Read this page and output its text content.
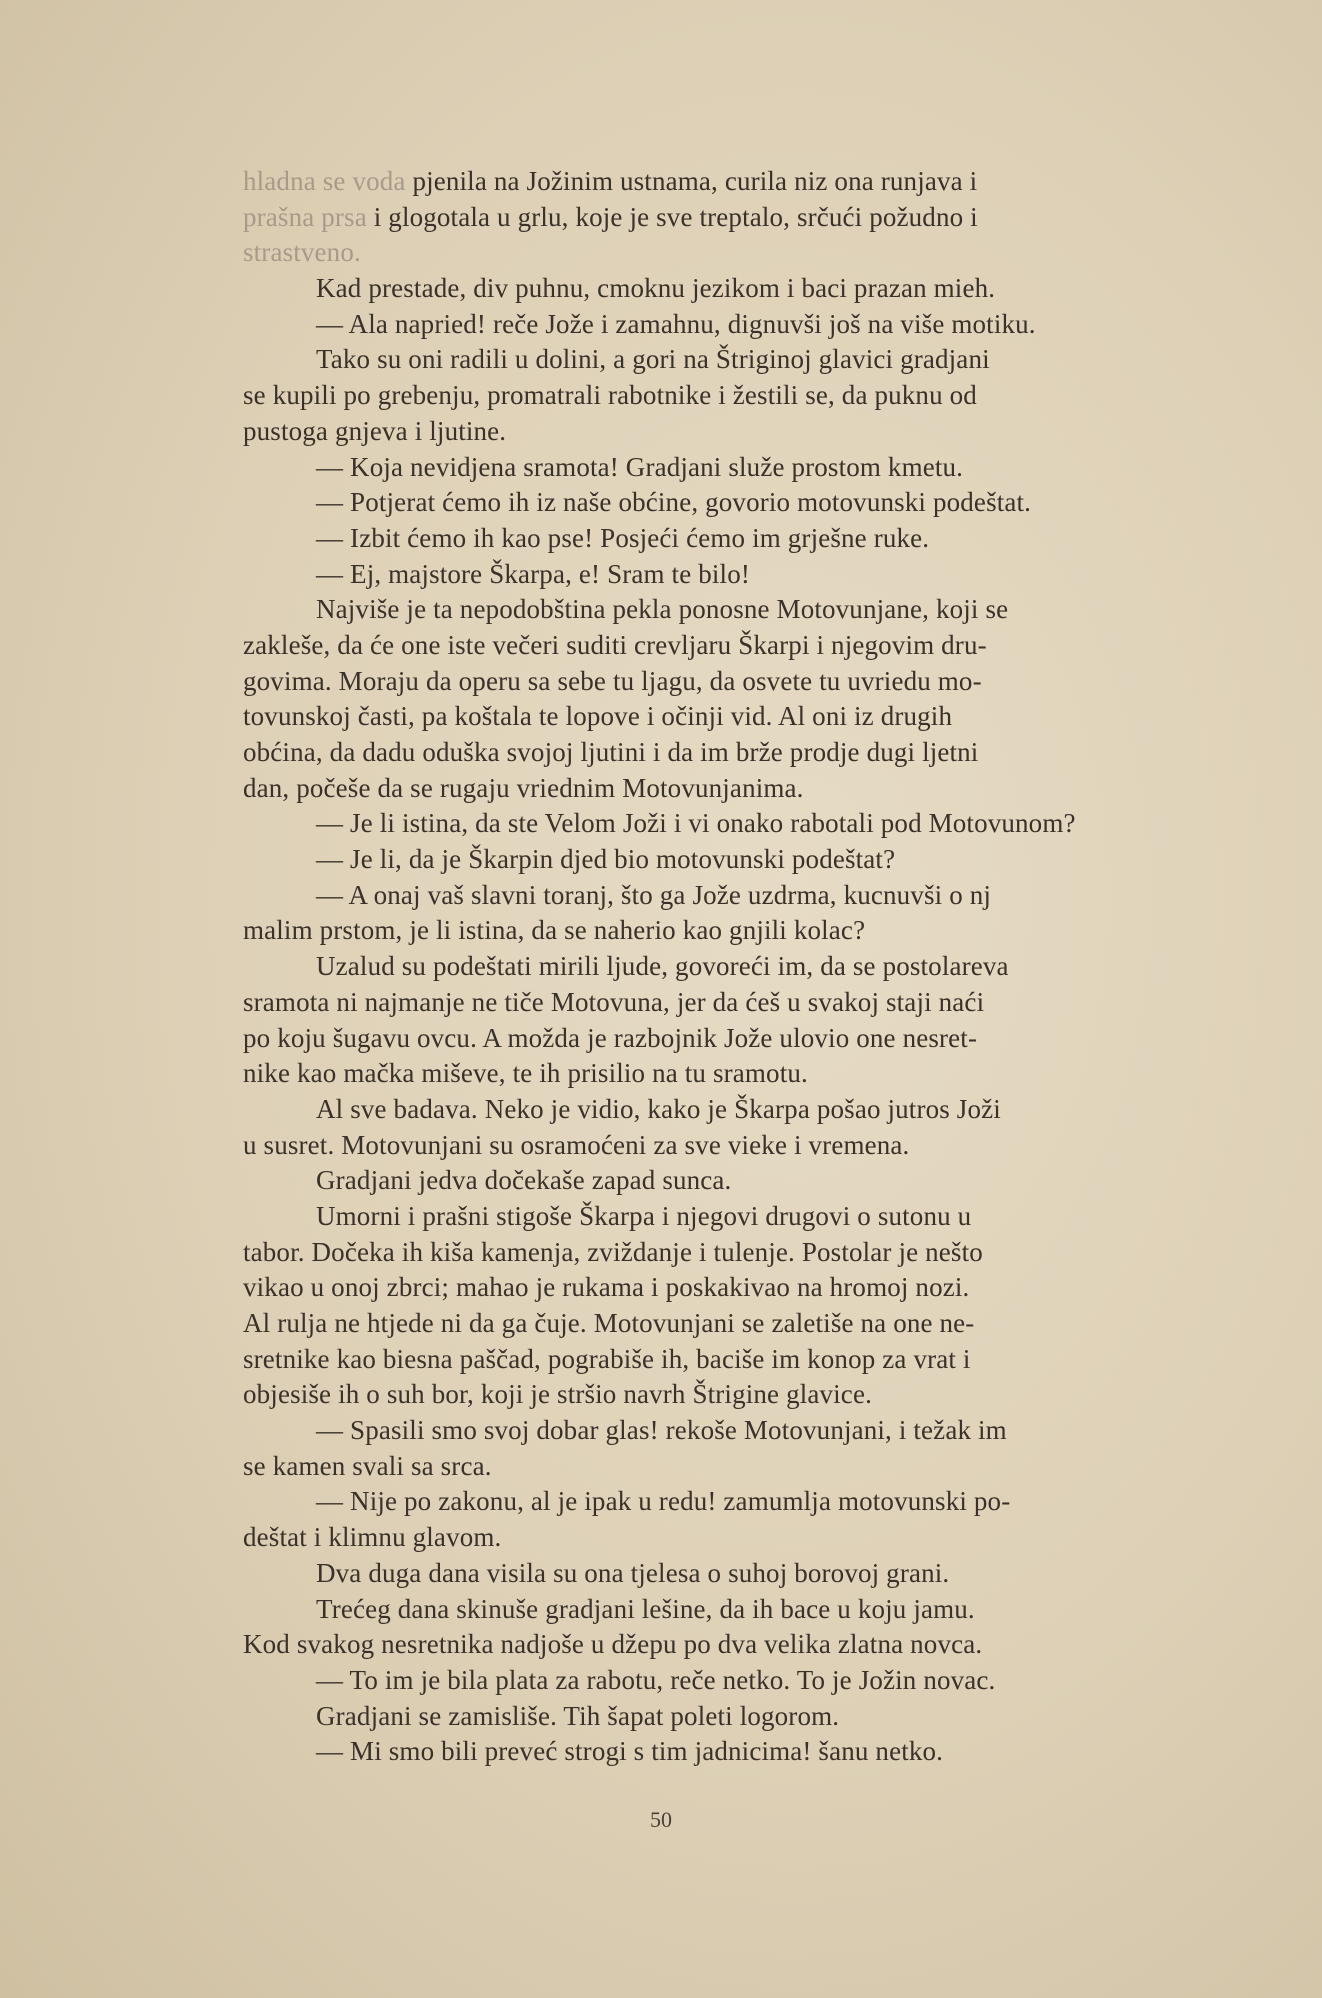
hladna se voda pjenila na Jožinim ustnama, curila niz ona runjava i
prašna prsa i glogotala u grlu, koje je sve treptalo, srčući požudno i
strastveno.
Kad prestade, div puhnu, cmoknu jezikom i baci prazan mieh.
— Ala napried! reče Jože i zamahnu, dignuvši još na više motiku.
Tako su oni radili u dolini, a gori na Štriginoj glavici gradjani
se kupili po grebenju, promatrali rabotnike i žestili se, da puknu od
pustoga gnjeva i ljutine.
— Koja nevidjena sramota! Gradjani služe prostom kmetu.
— Potjerat ćemo ih iz naše obćine, govorio motovunski podeštat.
— Izbit ćemo ih kao pse! Posjeći ćemo im grješne ruke.
— Ej, majstore Škarpa, e! Sram te bilo!
Najviše je ta nepodobština pekla ponosne Motovunjane, koji se
zakleše, da će one iste večeri suditi crevljaru Škarpi i njegovim dru-
govima. Moraju da operu sa sebe tu ljagu, da osvete tu uvriedu mo-
tovunskoj časti, pa koštala te lopove i očinji vid. Al oni iz drugih
obćina, da dadu oduška svojoj ljutini i da im brže prodje dugi ljetni
dan, počeše da se rugaju vriednim Motovunjanima.
— Je li istina, da ste Velom Joži i vi onako rabotali pod Motovunom?
— Je li, da je Škarpin djed bio motovunski podeštat?
— A onaj vaš slavni toranj, što ga Jože uzdrma, kucnuvši o nj
malim prstom, je li istina, da se naherio kao gnjili kolac?
Uzalud su podeštati mirili ljude, govoreći im, da se postolareva
sramota ni najmanje ne tiče Motovuna, jer da ćeš u svakoj staji naći
po koju šugavu ovcu. A možda je razbojnik Jože ulovio one nesret-
nike kao mačka miševe, te ih prisilio na tu sramotu.
Al sve badava. Neko je vidio, kako je Škarpa pošao jutros Joži
u susret. Motovunjani su osramoćeni za sve vieke i vremena.
Gradjani jedva dočekaše zapad sunca.
Umorni i prašni stigoše Škarpa i njegovi drugovi o sutonu u
tabor. Dočeka ih kiša kamenja, zviždanje i tulenje. Postolar je nešto
vikao u onoj zbrci; mahao je rukama i poskakivao na hromoj nozi.
Al rulja ne htjede ni da ga čuje. Motovunjani se zaletiše na one ne-
sretnike kao biesna paščad, pograbiše ih, baciše im konop za vrat i
objesiše ih o suh bor, koji je stršio navrh Štrigine glavice.
— Spasili smo svoj dobar glas! rekoše Motovunjani, i težak im
se kamen svali sa srca.
— Nije po zakonu, al je ipak u redu! zamumlja motovunski po-
deštat i klimnu glavom.
Dva duga dana visila su ona tjelesa o suhoj borovoj grani.
Trećeg dana skinuše gradjani lešine, da ih bace u koju jamu.
Kod svakog nesretnika nadjoše u džepu po dva velika zlatna novca.
— To im je bila plata za rabotu, reče netko. To je Jožin novac.
Gradjani se zamisliše. Tih šapat poleti logorom.
— Mi smo bili preveć strogi s tim jadnicima! šanu netko.
50
